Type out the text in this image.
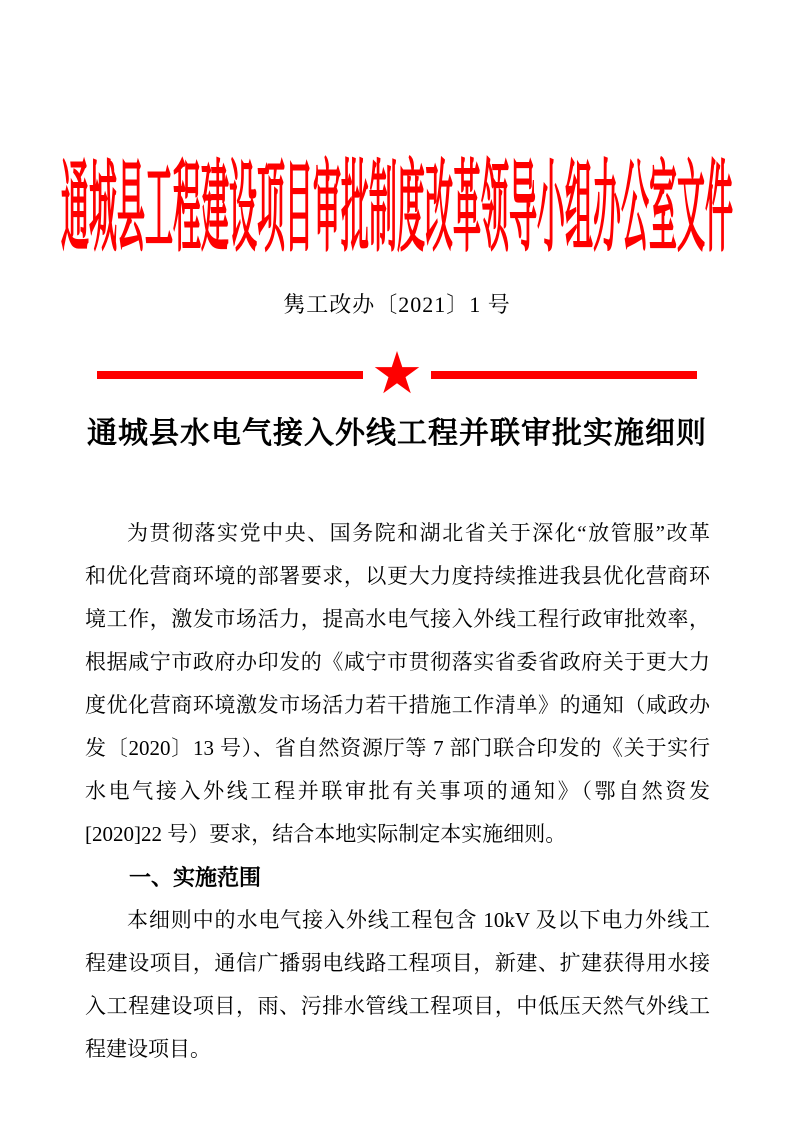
通城县工程建设项目审批制度改革领导小组办公室文件
隽工改办〔2021〕1 号
★
通城县水电气接入外线工程并联审批实施细则

为贯彻落实党中央、国务院和湖北省关于深化“放管服”改革

和优化营商环境的部署要求，以更大力度持续推进我县优化营商环

境工作，激发市场活力，提高水电气接入外线工程行政审批效率，

根据咸宁市政府办印发的《咸宁市贯彻落实省委省政府关于更大力

度优化营商环境激发市场活力若干措施工作清单》的通知（咸政办

发〔2020〕13 号）、省自然资源厅等 7 部门联合印发的《关于实行

水电气接入外线工程并联审批有关事项的通知》（鄂自然资发

[2020]22 号）要求，结合本地实际制定本实施细则。

一、实施范围

本细则中的水电气接入外线工程包含 10kV 及以下电力外线工

程建设项目，通信广播弱电线路工程项目，新建、扩建获得用水接

入工程建设项目，雨、污排水管线工程项目，中低压天然气外线工

程建设项目。
